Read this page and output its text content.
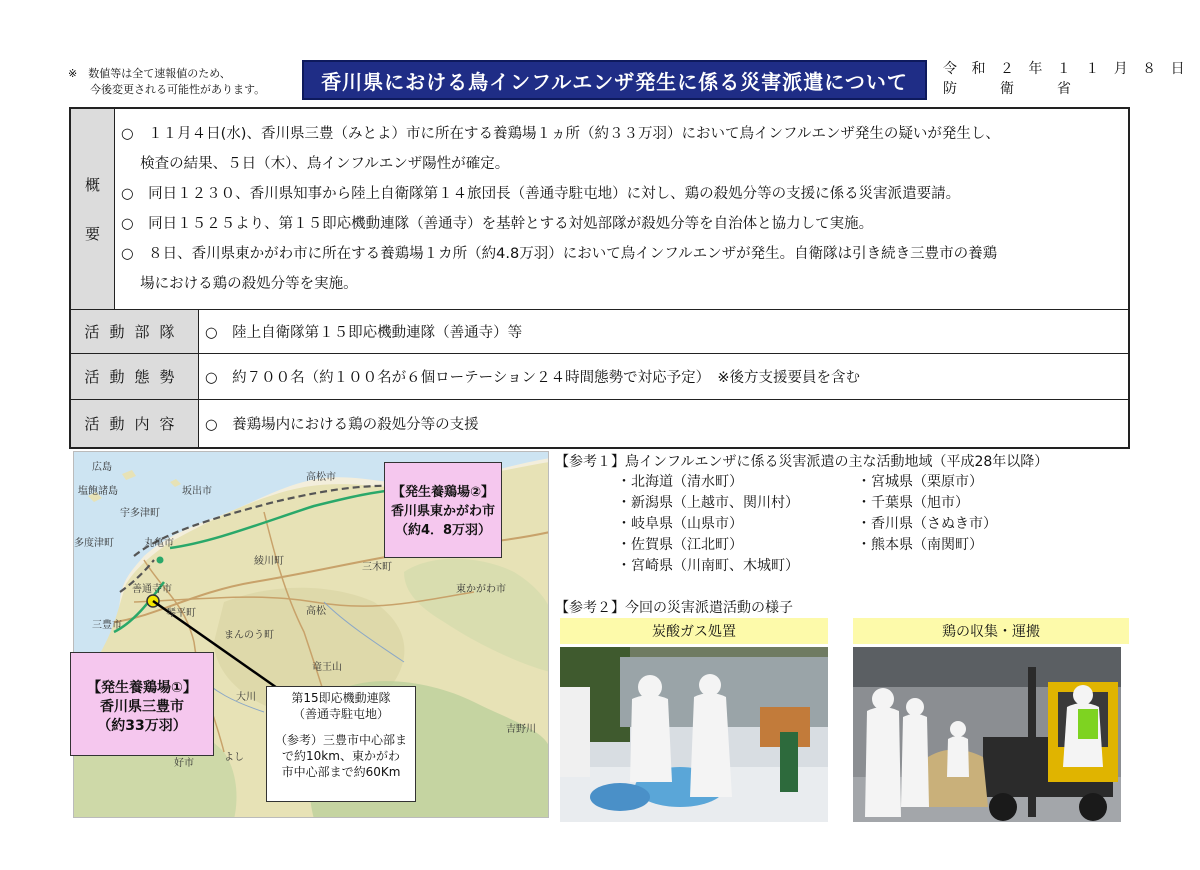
※　数値等は全て速報値のため、
　　今後変更される可能性があります。	香川県における鳥インフルエンザ発生に係る災害派遣について
令 和 ２ 年 １ １ 月 ８ 日
防　　衛　　省
概
要

○　１１月４日(水)、香川県三豊（みとよ）市に所在する養鶏場１ヵ所（約３３万羽）において鳥インフルエンザ発生の疑いが発生し、

　 検査の結果、５日（木）、鳥インフルエンザ陽性が確定。

○　同日１２３０、香川県知事から陸上自衛隊第１４旅団長（善通寺駐屯地）に対し、鶏の殺処分等の支援に係る災害派遣要請。

○　同日１５２５より、第１５即応機動連隊（善通寺）を基幹とする対処部隊が殺処分等を自治体と協力して実施。

○　８日、香川県東かがわ市に所在する養鶏場１カ所（約4.8万羽）において鳥インフルエンザが発生。自衛隊は引き続き三豊市の養鶏

　 場における鶏の殺処分等を実施。

活動部隊	○　陸上自衛隊第１５即応機動連隊（善通寺）等
活動態勢	○　約７００名（約１００名が６個ローテーション２４時間態勢で対応予定）　※後方支援要員を含む
活動内容	○　養鶏場内における鶏の殺処分等の支援
広島
塩飽諸島
宇多津町
多度津町	丸亀市
坂出市
高松市
綾川町
三木町
東かがわ市
善通寺市
琴平町
三豊市
まんのう町
高松
竜王山
大川
吉野川
よし
好市
【発生養鶏場②】
香川県東かがわ市
（約4．8万羽）
【発生養鶏場①】
香川県三豊市
（約33万羽）
第15即応機動連隊
（善通寺駐屯地）
（参考）三豊市中心部ま
で約10km、東かがわ
市中心部まで約60Km
【参考１】鳥インフルエンザに係る災害派遣の主な活動地域（平成28年以降）
・北海道（清水町）
・新潟県（上越市、関川村）
・岐阜県（山県市）
・佐賀県（江北町）
・宮崎県（川南町、木城町）
・宮城県（栗原市）
・千葉県（旭市）
・香川県（さぬき市）
・熊本県（南関町）
【参考２】今回の災害派遣活動の様子
炭酸ガス処置	鶏の収集・運搬
